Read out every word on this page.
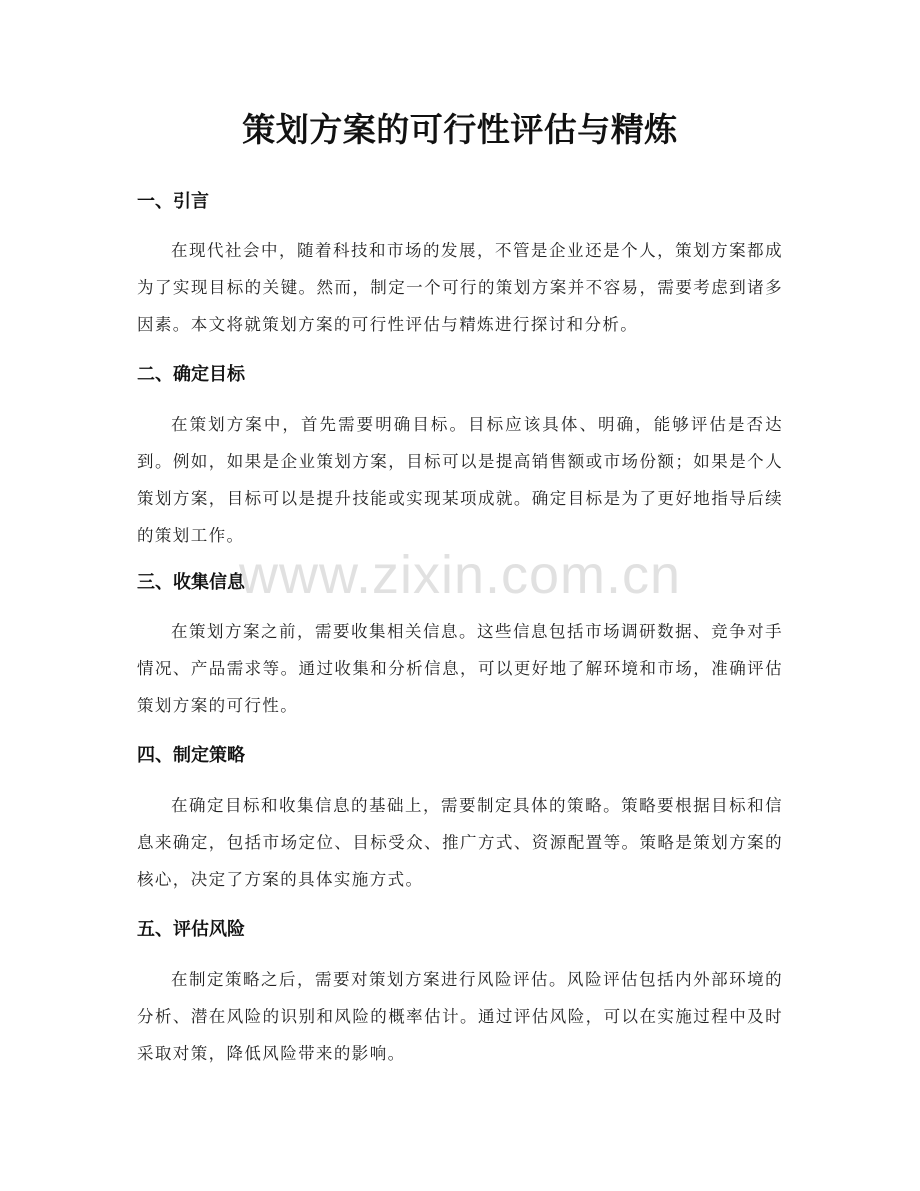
策划方案的可行性评估与精炼
一、引言
在现代社会中，随着科技和市场的发展，不管是企业还是个人，策划方案都成为了实现目标的关键。然而，制定一个可行的策划方案并不容易，需要考虑到诸多因素。本文将就策划方案的可行性评估与精炼进行探讨和分析。
二、确定目标
在策划方案中，首先需要明确目标。目标应该具体、明确，能够评估是否达到。例如，如果是企业策划方案，目标可以是提高销售额或市场份额；如果是个人策划方案，目标可以是提升技能或实现某项成就。确定目标是为了更好地指导后续的策划工作。
三、收集信息
在策划方案之前，需要收集相关信息。这些信息包括市场调研数据、竞争对手情况、产品需求等。通过收集和分析信息，可以更好地了解环境和市场，准确评估策划方案的可行性。
四、制定策略
在确定目标和收集信息的基础上，需要制定具体的策略。策略要根据目标和信息来确定，包括市场定位、目标受众、推广方式、资源配置等。策略是策划方案的核心，决定了方案的具体实施方式。
五、评估风险
在制定策略之后，需要对策划方案进行风险评估。风险评估包括内外部环境的分析、潜在风险的识别和风险的概率估计。通过评估风险，可以在实施过程中及时采取对策，降低风险带来的影响。
www.zixin.com.cn
